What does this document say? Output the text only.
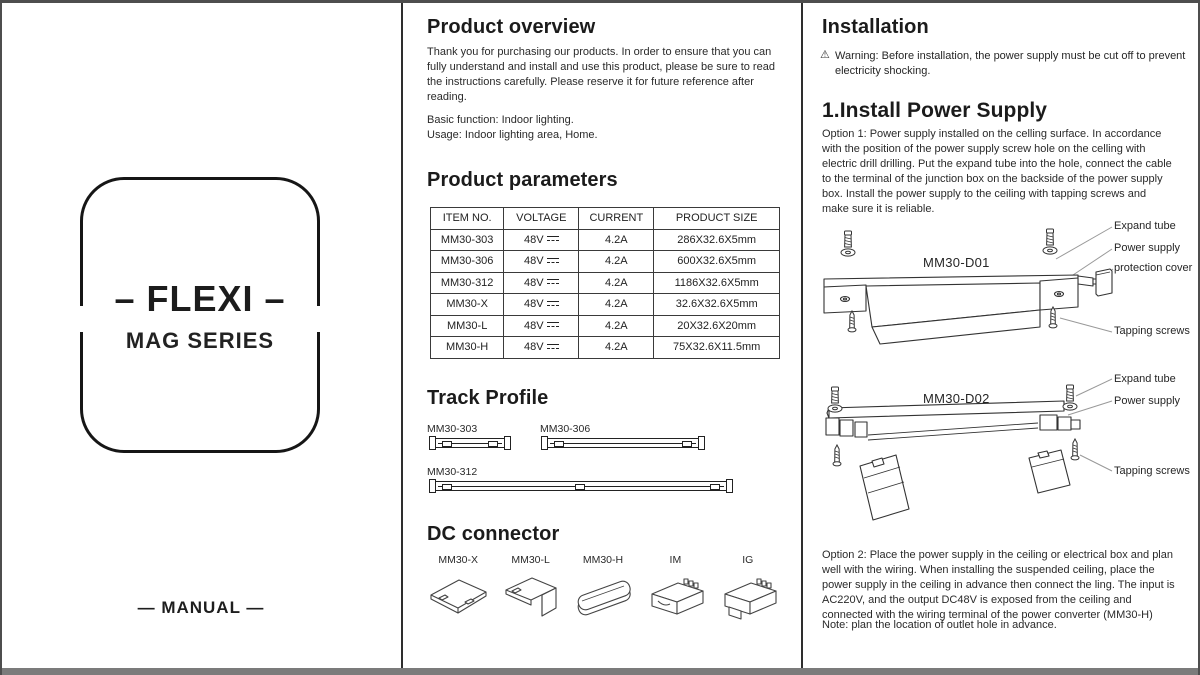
– FLEXI –
MAG SERIES
— MANUAL —
Product overview

Thank you for purchasing our products. In order to ensure that you can fully understand and install and use this product, please be sure to read the instructions carefully. Please reserve it for future reference after reading.

Basic function: Indoor lighting.
Usage: Indoor lighting area, Home.
Product parameters
ITEM NO.	VOLTAGE	CURRENT	PRODUCT SIZE
MM30-303	48V	4.2A	286X32.6X5mm
MM30-306	48V	4.2A	600X32.6X5mm
MM30-312	48V	4.2A	1186X32.6X5mm
MM30-X	48V	4.2A	32.6X32.6X5mm
MM30-L	48V	4.2A	20X32.6X20mm
MM30-H	48V	4.2A	75X32.6X11.5mm
Track Profile
MM30-303	MM30-306
MM30-312
DC connector
MM30-X	MM30-L	MM30-H	IM	IG
Installation
⚠ Warning: Before installation, the power supply must be cut off to prevent electricity shocking.
1.Install Power Supply

Option 1: Power supply installed on the celling surface. In accordance with the position of the power supply screw hole on the celling with electric drill drilling. Put the expand tube into the hole, connect the cable to the terminal of the junction box on the backside of the power supply box. Install the power supply to the ceiling with tapping screws and make sure it is reliable.

MM30-D01
Expand tube
Power supply
protection cover
Tapping screws
MM30-D02
Expand tube
Power supply
Tapping screws

Option 2: Place the power supply in the ceiling or electrical box and plan well with the wiring. When installing the suspended ceiling, place the power supply in the ceiling in advance then connect the ling. The input is AC220V, and the output DC48V is exposed from the ceiling and connected with the wiring terminal of the power converter (MM30-H)

Note: plan the location of outlet hole in advance.
